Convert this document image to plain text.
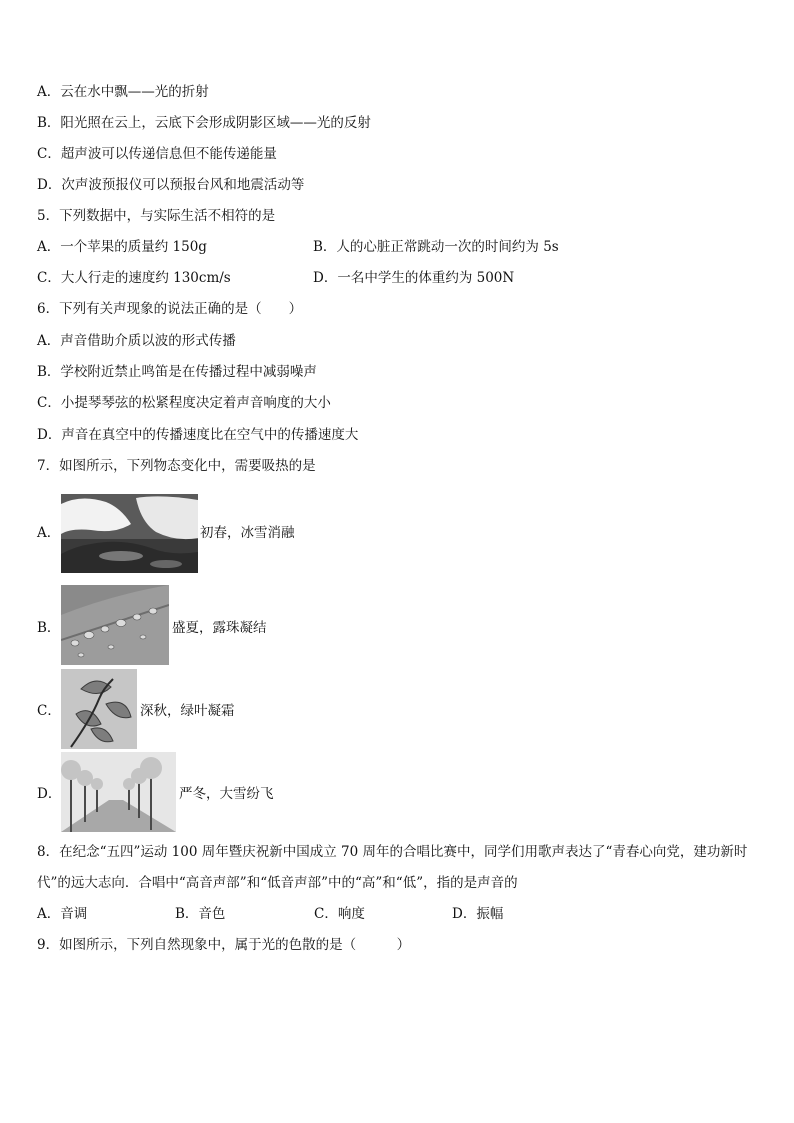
A．云在水中飘——光的折射
B．阳光照在云上，云底下会形成阴影区域——光的反射
C．超声波可以传递信息但不能传递能量
D．次声波预报仪可以预报台风和地震活动等
5．下列数据中，与实际生活不相符的是
A．一个苹果的质量约 150g	B．人的心脏正常跳动一次的时间约为 5s
C．大人行走的速度约 130cm/s	D．一名中学生的体重约为 500N
6．下列有关声现象的说法正确的是（　　）
A．声音借助介质以波的形式传播
B．学校附近禁止鸣笛是在传播过程中减弱噪声
C．小提琴琴弦的松紧程度决定着声音响度的大小
D．声音在真空中的传播速度比在空气中的传播速度大
7．如图所示，下列物态变化中，需要吸热的是
A．	初春，冰雪消融
B．	盛夏，露珠凝结
C．	深秋，绿叶凝霜
D．	严冬，大雪纷飞
8．在纪念“五四”运动 100 周年暨庆祝新中国成立 70 周年的合唱比赛中，同学们用歌声表达了“青春心向党，建功新时
代”的远大志向．合唱中“高音声部”和“低音声部”中的“高”和“低”，指的是声音的
A．音调	B．音色	C．响度	D．振幅
9．如图所示，下列自然现象中，属于光的色散的是（　　　）
